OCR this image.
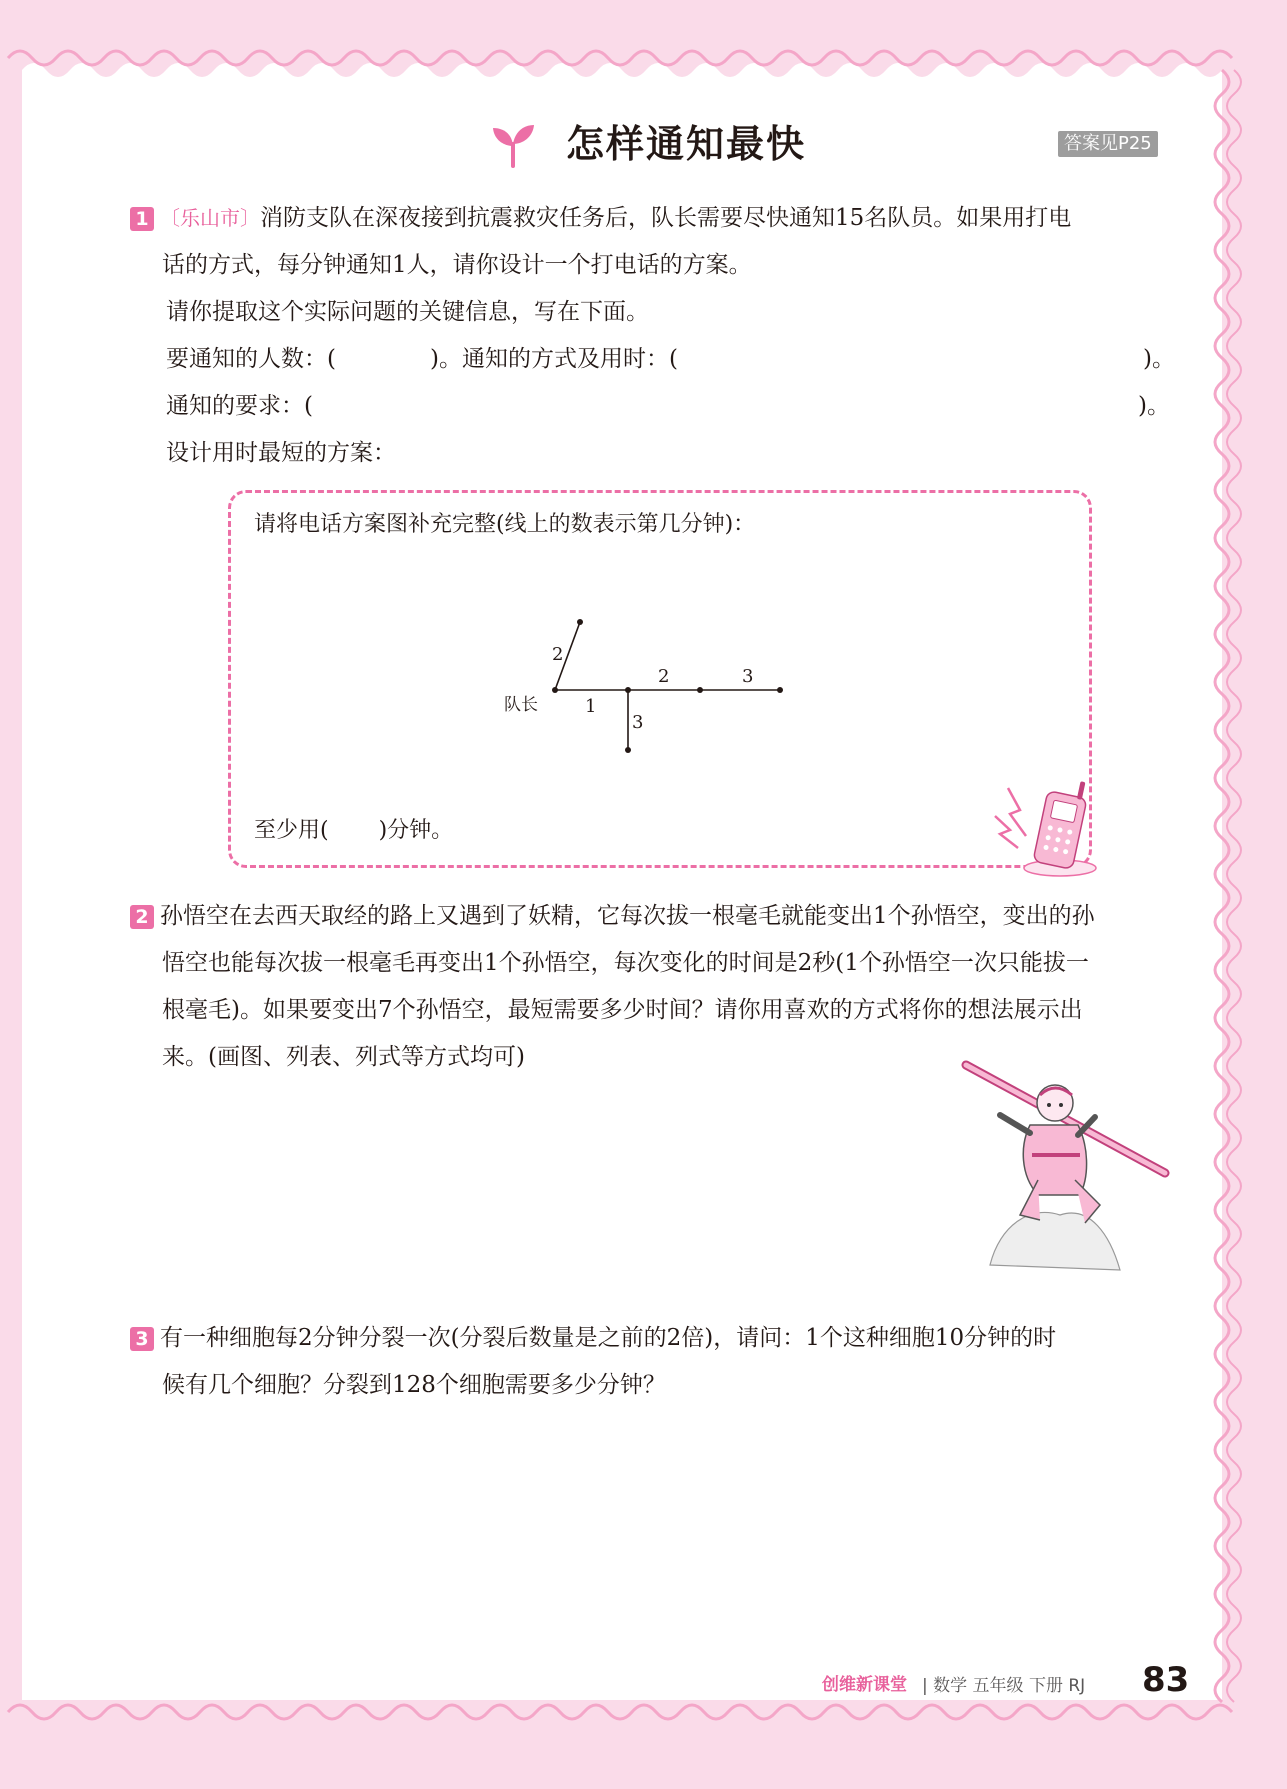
怎样通知最快	答案见P25
1 〔乐山市〕消防支队在深夜接到抗震救灾任务后，队长需要尽快通知15名队员。如果用打电
话的方式，每分钟通知1人，请你设计一个打电话的方案。
请你提取这个实际问题的关键信息，写在下面。
要通知的人数：(	)。通知的方式及用时：(	)。
通知的要求：(	)。
设计用时最短的方案：
请将电话方案图补充完整(线上的数表示第几分钟)：
队长
2
1
2	3
3
至少用( )分钟。
2 孙悟空在去西天取经的路上又遇到了妖精，它每次拔一根毫毛就能变出1个孙悟空，变出的孙
悟空也能每次拔一根毫毛再变出1个孙悟空，每次变化的时间是2秒(1个孙悟空一次只能拔一
根毫毛)。如果要变出7个孙悟空，最短需要多少时间？请你用喜欢的方式将你的想法展示出
来。(画图、列表、列式等方式均可)
3 有一种细胞每2分钟分裂一次(分裂后数量是之前的2倍)，请问：1个这种细胞10分钟的时
候有几个细胞？分裂到128个细胞需要多少分钟？
创维新课堂 | 数学 五年级 下册 RJ 83
